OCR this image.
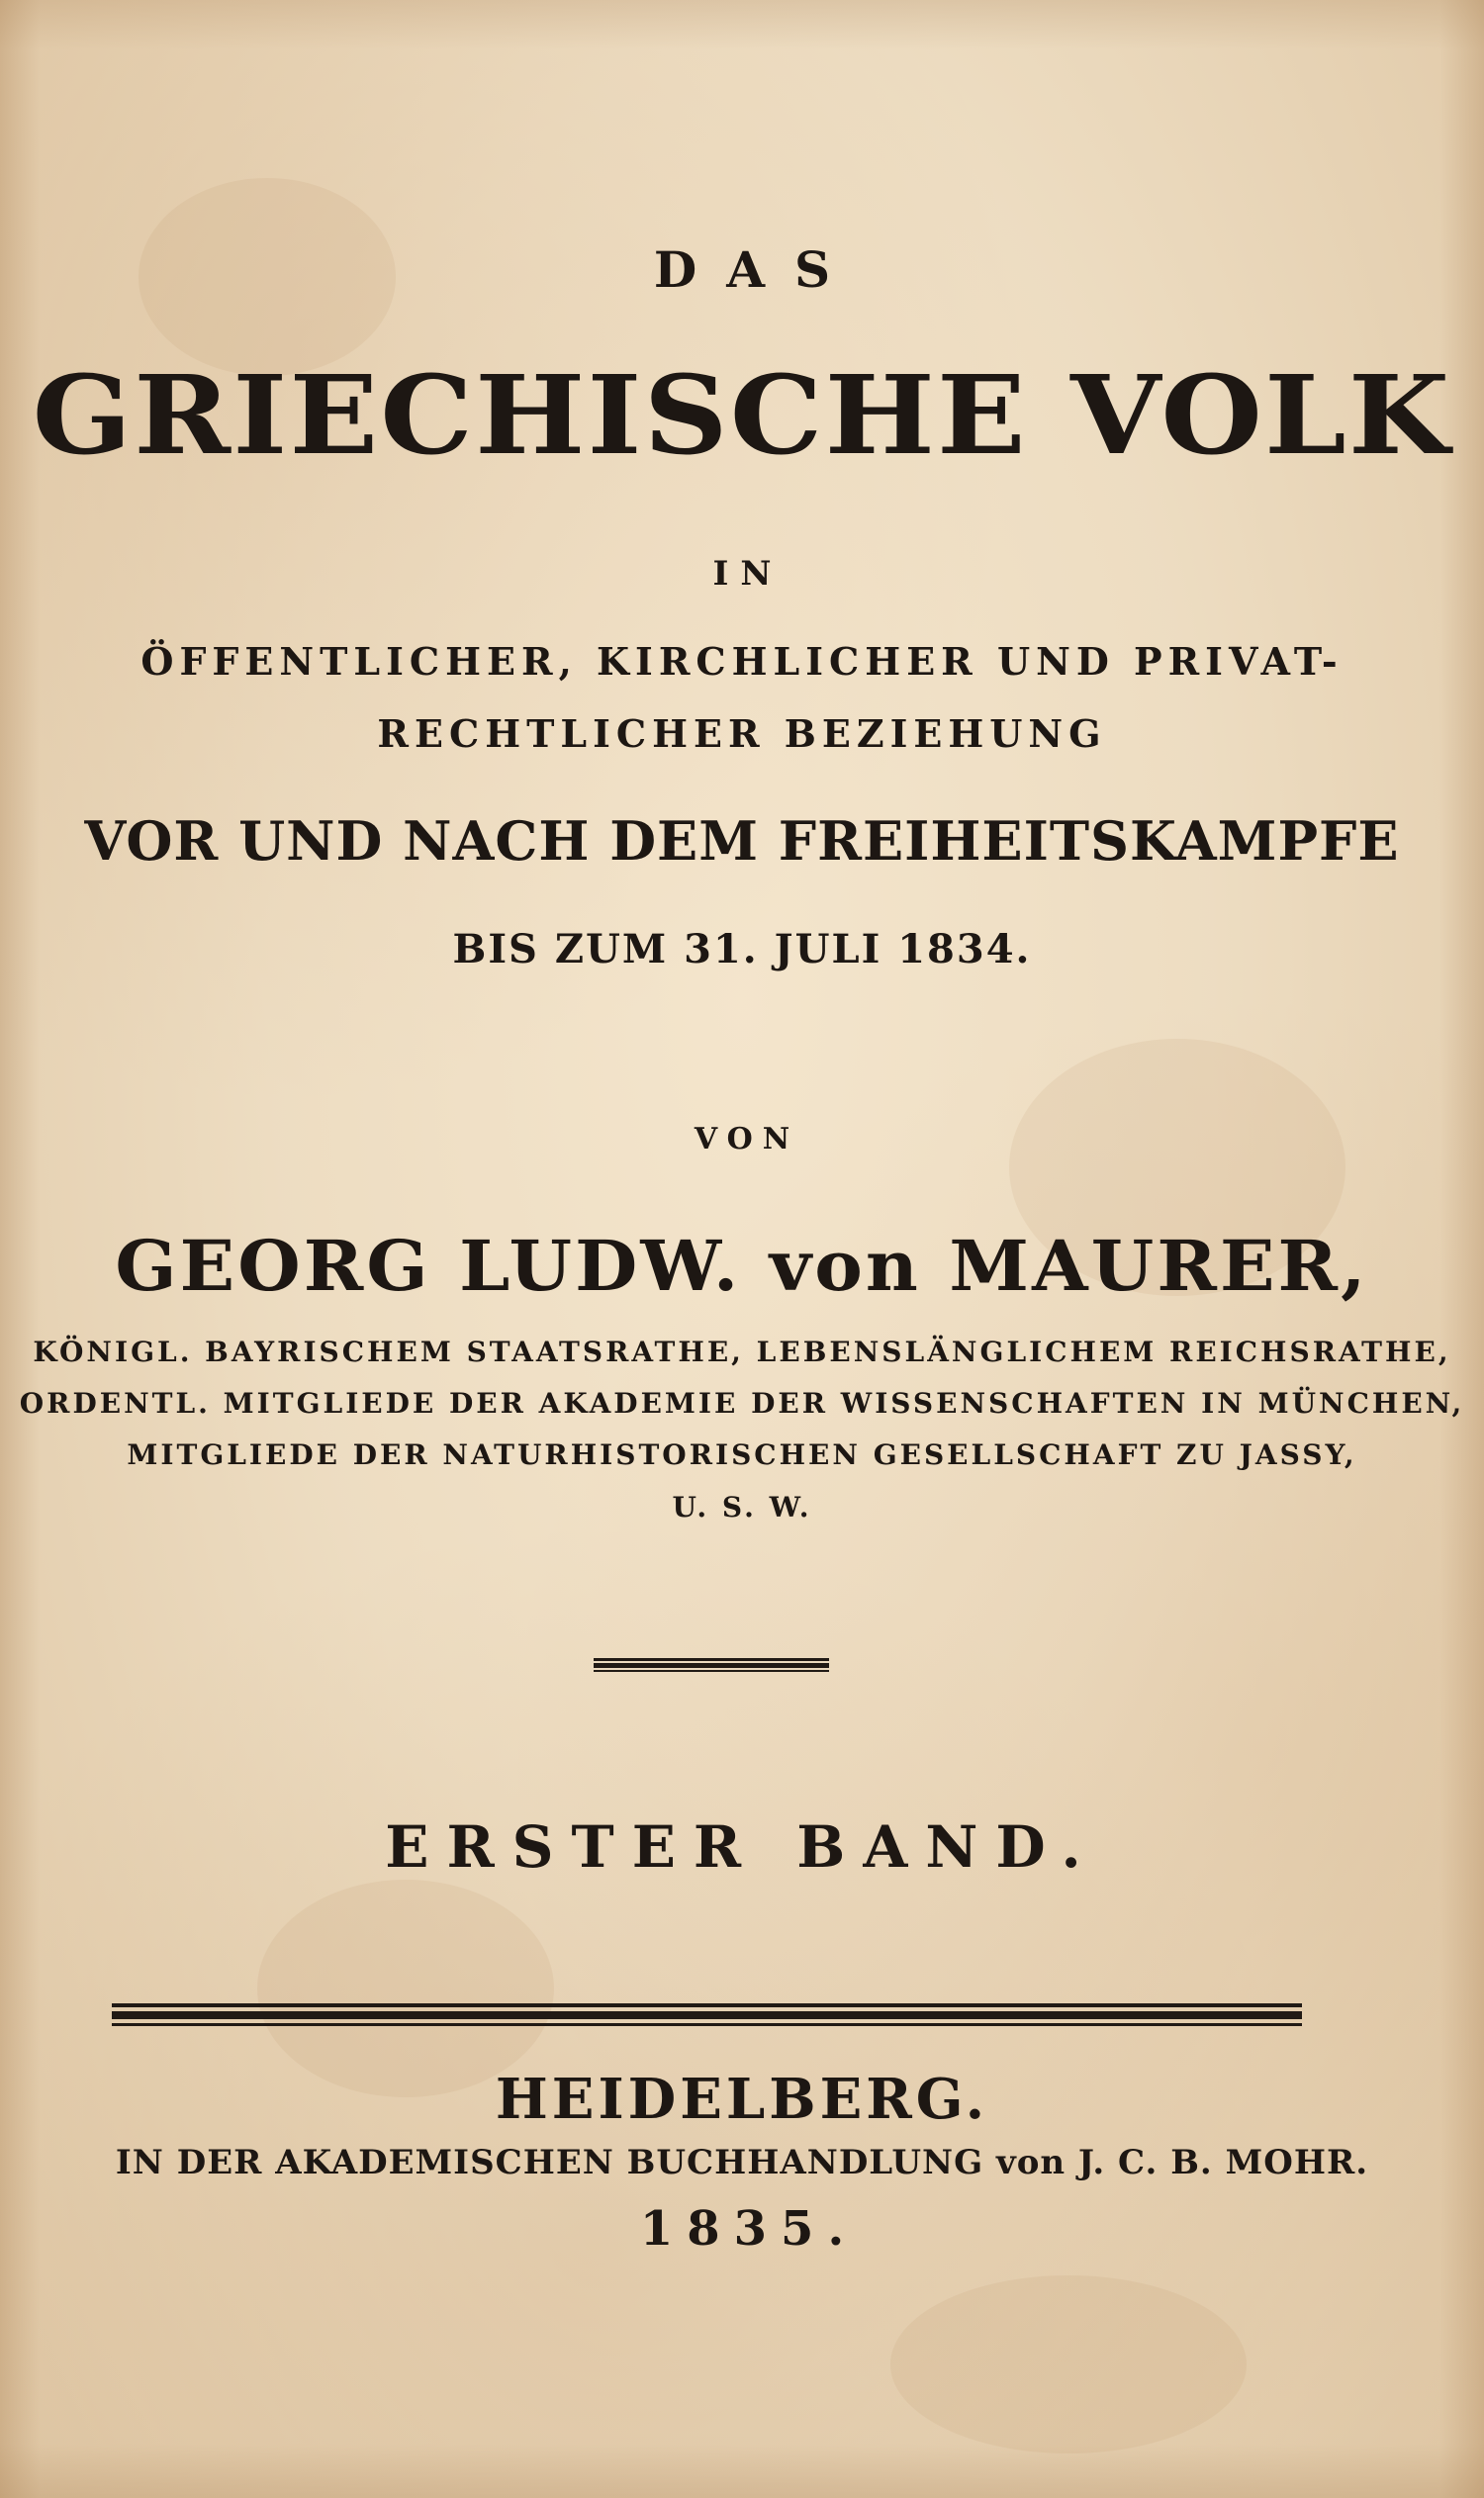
DAS
GRIECHISCHE VOLK
IN
ÖFFENTLICHER, KIRCHLICHER UND PRIVAT-
RECHTLICHER BEZIEHUNG
VOR UND NACH DEM FREIHEITSKAMPFE
BIS ZUM 31. JULI 1834.
VON
GEORG LUDW. von MAURER,
KÖNIGL. BAYRISCHEM STAATSRATHE, LEBENSLÄNGLICHEM REICHSRATHE,
ORDENTL. MITGLIEDE DER AKADEMIE DER WISSENSCHAFTEN IN MÜNCHEN,
MITGLIEDE DER NATURHISTORISCHEN GESELLSCHAFT ZU JASSY,
U. S. W.
ERSTER BAND.
HEIDELBERG.
IN DER AKADEMISCHEN BUCHHANDLUNG von J. C. B. MOHR.
1835.
